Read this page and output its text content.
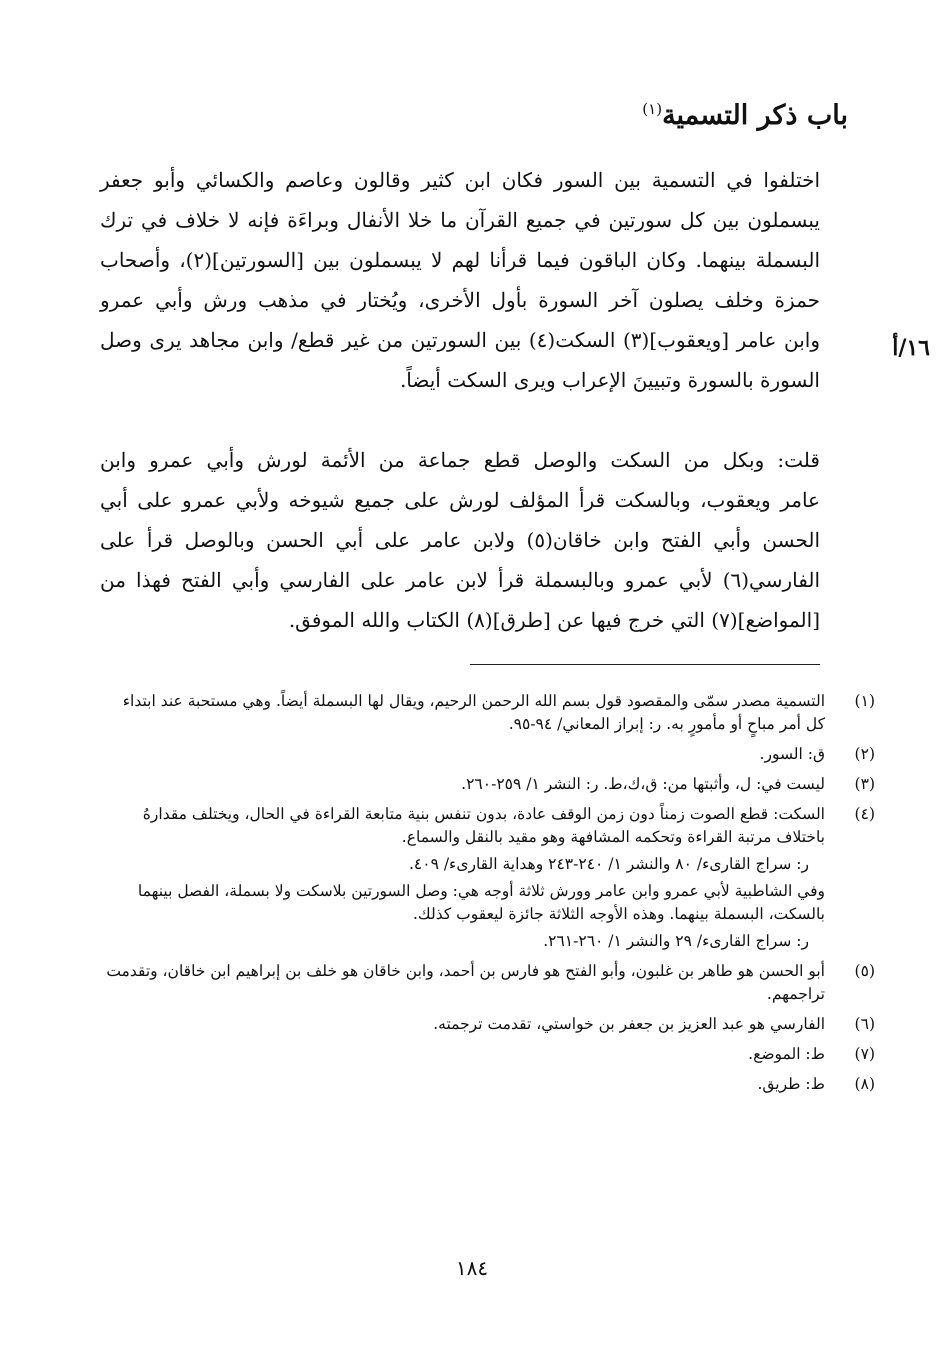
باب ذكر التسمية$^{(١)}$
١٦/أ
اختلفوا في التسمية بين السور فكان ابن كثير وقالون وعاصم والكسائي وأبو جعفر
يبسملون بين كل سورتين في جميع القرآن ما خلا الأنفال وبراءَة فإنه لا خلاف في ترك
البسملة بينهما. وكان الباقون فيما قرأنا لهم لا يبسملون بين [السورتين](٢)، وأصحاب
حمزة وخلف يصلون آخر السورة بأول الأخرى، ويُختار في مذهب ورش وأبي عمرو
وابن عامر [ويعقوب](٣) السكت(٤) بين السورتين من غير قطع/ وابن مجاهد يرى وصل
السورة بالسورة وتبيينَ الإعراب ويرى السكت أيضاً.
قلت: وبكل من السكت والوصل قطع جماعة من الأئمة لورش وأبي عمرو وابن
عامر ويعقوب، وبالسكت قرأ المؤلف لورش على جميع شيوخه ولأبي عمرو على أبي
الحسن وأبي الفتح وابن خاقان(٥) ولابن عامر على أبي الحسن وبالوصل قرأ على
الفارسي(٦) لأبي عمرو وبالبسملة قرأ لابن عامر على الفارسي وأبي الفتح فهذا من
[المواضع](٧) التي خرج فيها عن [طرق](٨) الكتاب والله الموفق.
(١)
التسمية مصدر سمّى والمقصود قول بسم الله الرحمن الرحيم، ويقال لها البسملة أيضاً. وهي مستحبة عند ابتداء كل أمر مباحٍ أو مأمورٍ به. ر: إبراز المعاني/ ٩٤-٩٥.
(٢)
ق: السور.
(٣)
ليست في: ل، وأثبتها من: ق،ك،ط. ر: النشر ١/ ٢٥٩-٢٦٠.
(٤)
السكت: قطع الصوت زمناً دون زمن الوقف عادة، بدون تنفس بنية متابعة القراءة في الحال، ويختلف مقدارهُ باختلاف مرتبة القراءة وتحكمه المشافهة وهو مقيد بالنقل والسماع.
ر: سراج القارىء/ ٨٠ والنشر ١/ ٢٤٠-٢٤٣ وهداية القارىء/ ٤٠٩.
وفي الشاطبية لأبي عمرو وابن عامر وورش ثلاثة أوجه هي: وصل السورتين بلاسكت ولا بسملة، الفصل بينهما بالسكت، البسملة بينهما. وهذه الأوجه الثلاثة جائزة ليعقوب كذلك.
ر: سراج القارىء/ ٢٩ والنشر ١/ ٢٦٠-٢٦١.
(٥)
أبو الحسن هو طاهر بن غلبون، وأبو الفتح هو فارس بن أحمد، وابن خاقان هو خلف بن إبراهيم ابن خاقان، وتقدمت تراجمهم.
(٦)
الفارسي هو عبد العزيز بن جعفر بن خواستي، تقدمت ترجمته.
(٧)
ط: الموضع.
(٨)
ط: طريق.
١٨٤
